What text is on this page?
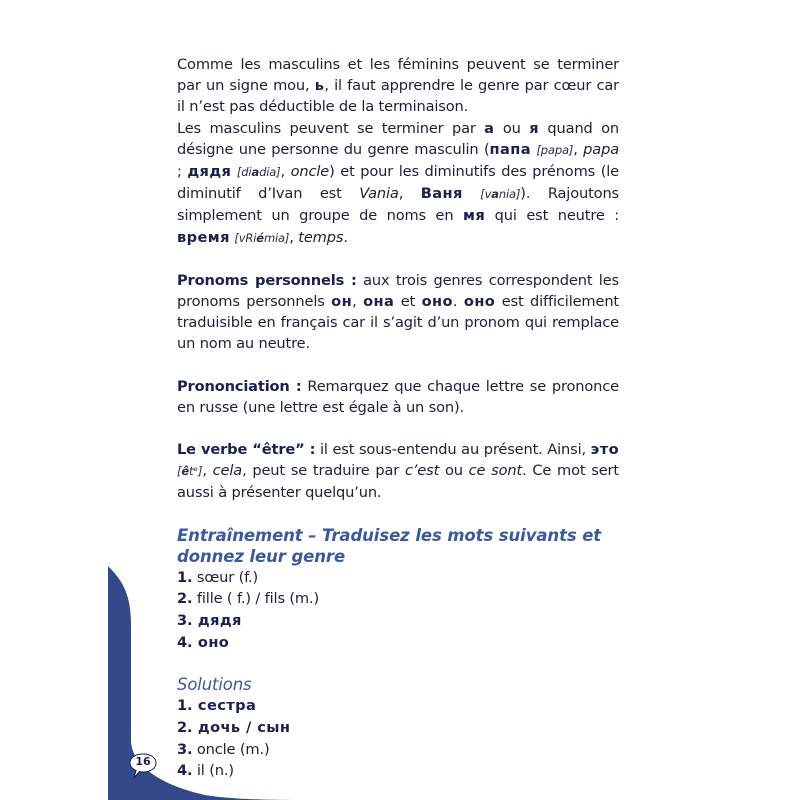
Comme les masculins et les féminins peuvent se terminer par un signe mou, ь, il faut apprendre le genre par cœur car il n’est pas déductible de la terminaison.

Les masculins peuvent se terminer par а ou я quand on désigne une personne du genre masculin (папа [papa], papa ; дядя [diadia], oncle) et pour les diminutifs des prénoms (le diminutif d’Ivan est Vania, Ваня [vania]). Rajoutons simplement un groupe de noms en мя qui est neutre : время [vRiémia], temps.

Pronoms personnels : aux trois genres correspondent les pronoms personnels он, она et оно. оно est difficilement traduisible en français car il s’agit d’un pronom qui remplace un nom au neutre.

Prononciation : Remarquez que chaque lettre se prononce en russe (une lettre est égale à un son).

Le verbe “être” : il est sous-entendu au présent. Ainsi, это [êtᵉ], cela, peut se traduire par c’est ou ce sont. Ce mot sert aussi à présenter quelqu’un.

Entraînement – Traduisez les mots suivants et donnez leur genre
1. sœur (f.)
2. fille ( f.) / fils (m.)
3. дядя
4. оно
Solutions
1. сестра
2. дочь / сын
3. oncle (m.)
4. il (n.)
16
